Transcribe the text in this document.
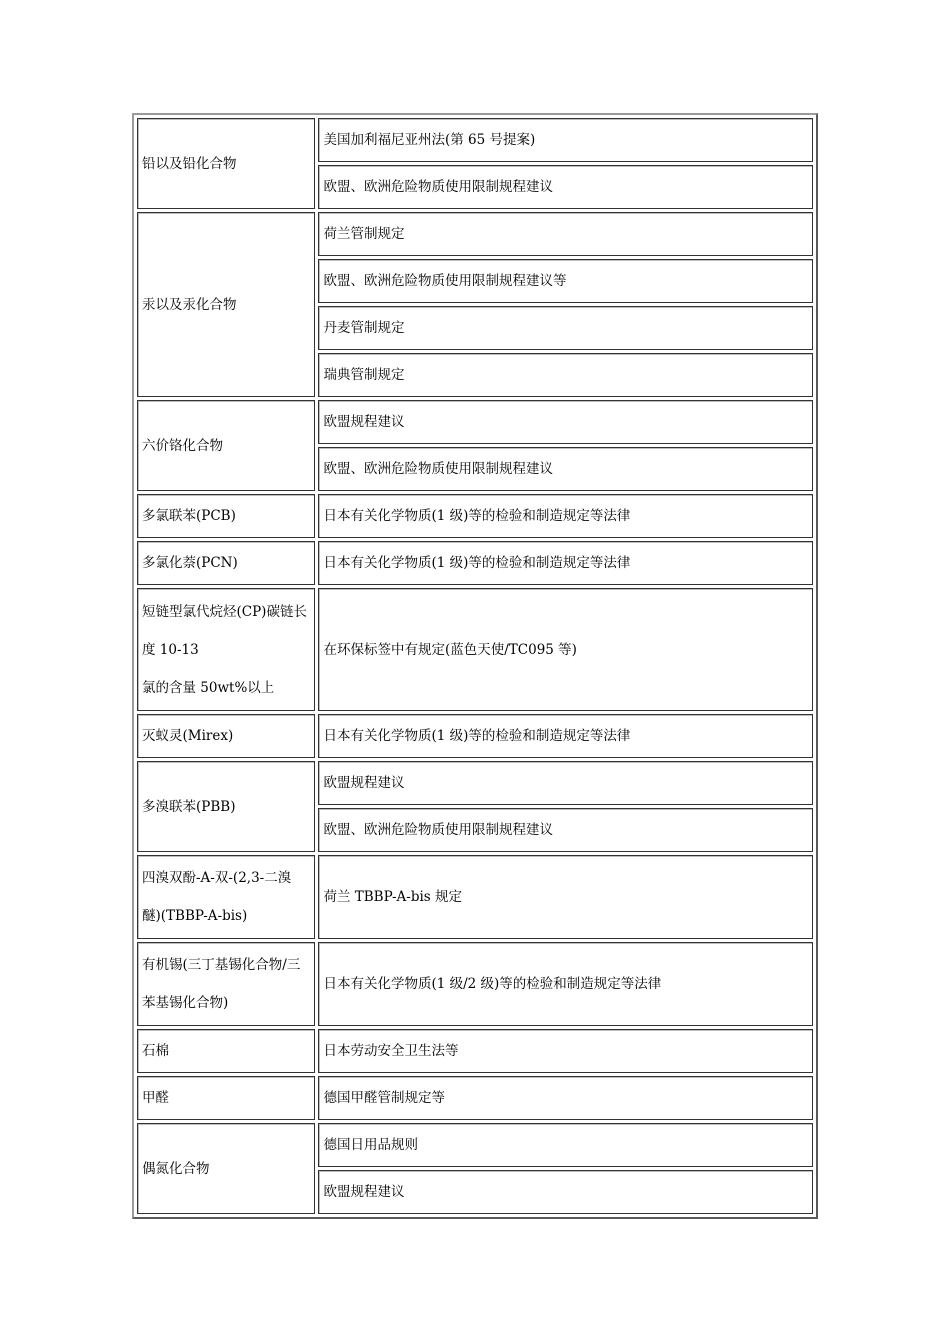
铅以及铅化合物	美国加利福尼亚州法(第 65 号提案)
	欧盟、欧洲危险物质使用限制规程建议

汞以及汞化合物	荷兰管制规定
	欧盟、欧洲危险物质使用限制规程建议等
	丹麦管制规定
	瑞典管制规定

六价铬化合物	欧盟规程建议
	欧盟、欧洲危险物质使用限制规程建议

多氯联苯(PCB)	日本有关化学物质(1 级)等的检验和制造规定等法律

多氯化萘(PCN)	日本有关化学物质(1 级)等的检验和制造规定等法律

短链型氯代烷烃(CP)碳链长
度 10-13
氯的含量 50wt%以上	在环保标签中有规定(蓝色天使/TC095 等)

灭蚁灵(Mirex)	日本有关化学物质(1 级)等的检验和制造规定等法律

多溴联苯(PBB)	欧盟规程建议
	欧盟、欧洲危险物质使用限制规程建议

四溴双酚-A-双-(2,3-二溴
醚)(TBBP-A-bis)	荷兰 TBBP-A-bis 规定

有机锡(三丁基锡化合物/三
苯基锡化合物)	日本有关化学物质(1 级/2 级)等的检验和制造规定等法律

石棉	日本劳动安全卫生法等

甲醛	德国甲醛管制规定等

偶氮化合物	德国日用品规则
	欧盟规程建议
